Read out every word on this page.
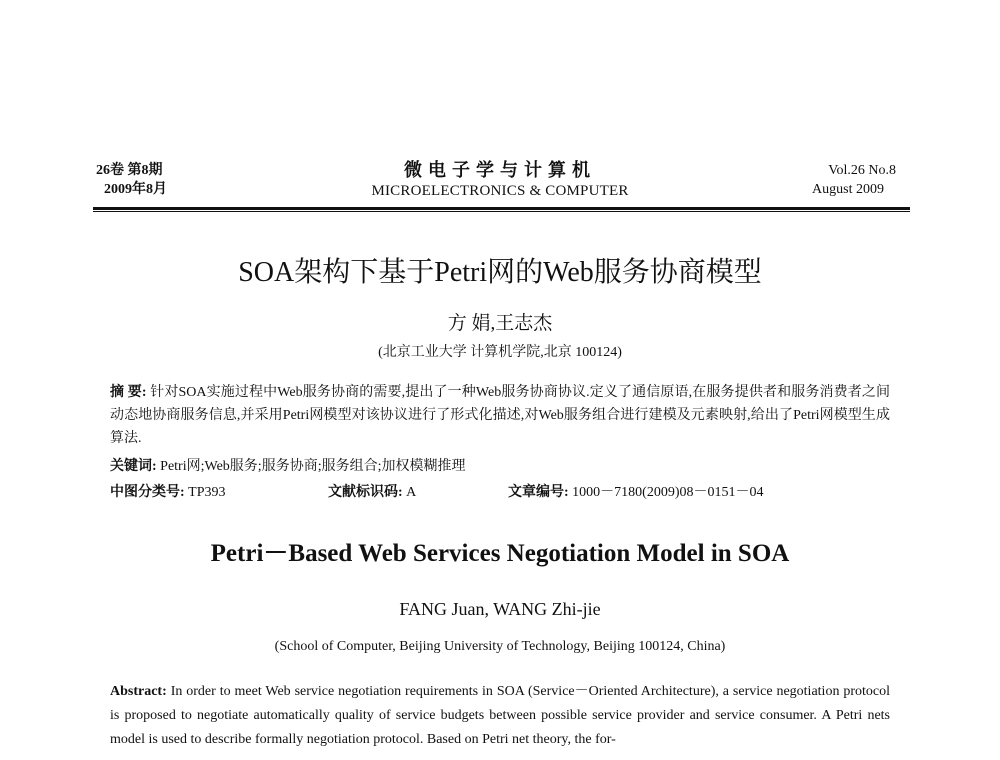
26卷 第8期
2009年8月
微电子学与计算机
MICROELECTRONICS & COMPUTER
Vol.26 No.8
August 2009
SOA架构下基于Petri网的Web服务协商模型
方 娟,王志杰
(北京工业大学 计算机学院,北京 100124)
摘 要: 针对SOA实施过程中Web服务协商的需要,提出了一种Web服务协商协议.定义了通信原语,在服务提供者和服务消费者之间动态地协商服务信息,并采用Petri网模型对该协议进行了形式化描述,对Web服务组合进行建模及元素映射,给出了Petri网模型生成算法.
关键词: Petri网;Web服务;服务协商;服务组合;加权模糊推理
中图分类号: TP393	文献标识码: A	文章编号: 1000－7180(2009)08－0151－04
Petri－Based Web Services Negotiation Model in SOA
FANG Juan, WANG Zhi-jie
(School of Computer, Beijing University of Technology, Beijing 100124, China)
Abstract: In order to meet Web service negotiation requirements in SOA (Service－Oriented Architecture), a service negotiation protocol is proposed to negotiate automatically quality of service budgets between possible service provider and service consumer. A Petri nets model is used to describe formally negotiation protocol. Based on Petri net theory, the for-
